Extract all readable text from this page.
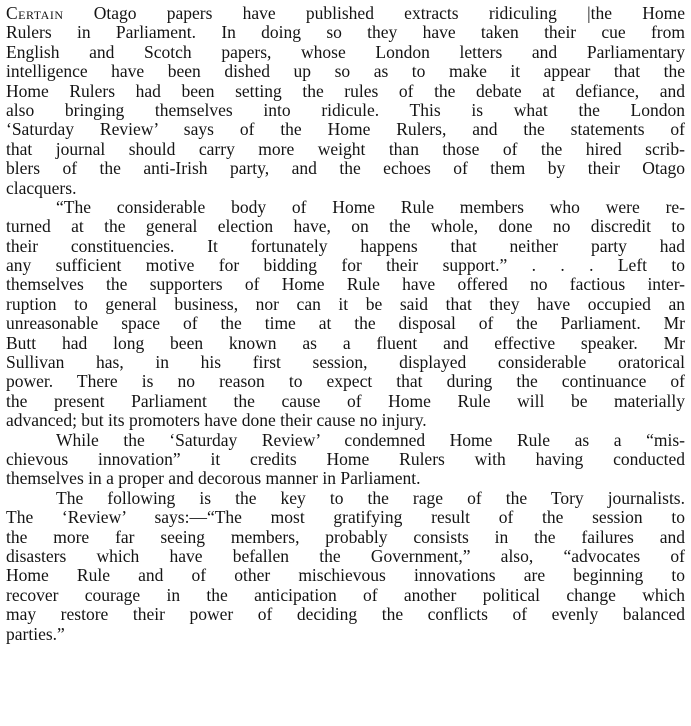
Certain Otago papers have published extracts ridiculing |the Home
Rulers in Parliament. In doing so they have taken their cue from
English and Scotch papers, whose London letters and Parliamentary
intelligence have been dished up so as to make it appear that the
Home Rulers had been setting the rules of the debate at defiance, and
also bringing themselves into ridicule. This is what the London
‘Saturday Review’ says of the Home Rulers, and the statements of
that journal should carry more weight than those of the hired scrib-
blers of the anti-Irish party, and the echoes of them by their Otago
clacquers.
“The considerable body of Home Rule members who were re-
turned at the general election have, on the whole, done no discredit to
their constituencies. It fortunately happens that neither party had
any sufficient motive for bidding for their support.” . . . Left to
themselves the supporters of Home Rule have offered no factious inter-
ruption to general business, nor can it be said that they have occupied an
unreasonable space of the time at the disposal of the Parliament. Mr
Butt had long been known as a fluent and effective speaker. Mr
Sullivan has, in his first session, displayed considerable oratorical
power. There is no reason to expect that during the continuance of
the present Parliament the cause of Home Rule will be materially
advanced; but its promoters have done their cause no injury.
While the ‘Saturday Review’ condemned Home Rule as a “mis-
chievous innovation” it credits Home Rulers with having conducted
themselves in a proper and decorous manner in Parliament.
The following is the key to the rage of the Tory journalists.
The ‘Review’ says:—“The most gratifying result of the session to
the more far seeing members, probably consists in the failures and
disasters which have befallen the Government,” also, “advocates of
Home Rule and of other mischievous innovations are beginning to
recover courage in the anticipation of another political change which
may restore their power of deciding the conflicts of evenly balanced
parties.”
